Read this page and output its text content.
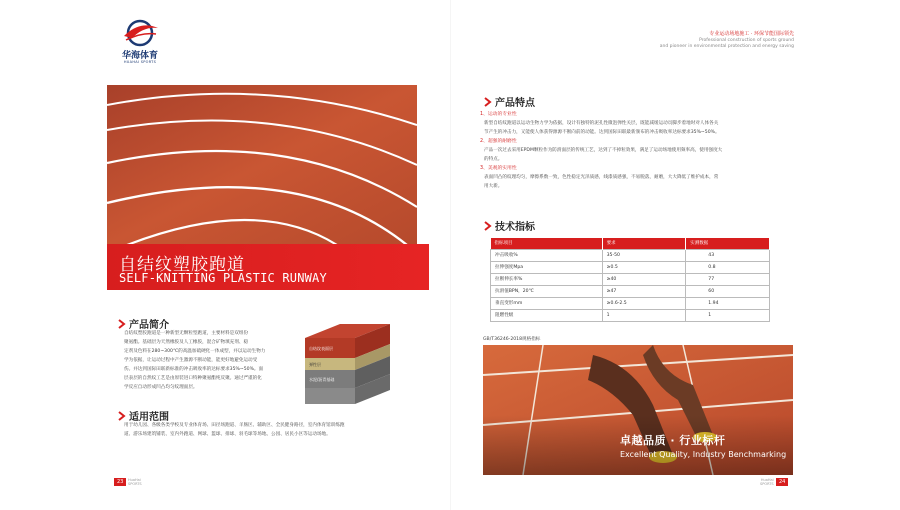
华海体育
HUAHAI SPORTS
专业运动场地施工 · 环保节能国际领先
Professional construction of sports ground
and pioneer in environmental protection and energy saving
自结纹塑胶跑道
SELF-KNITTING PLASTIC RUNWAY
产品简介
自结纹塑胶跑道是一种新型无颗粒型跑道，主要材料是双组份
聚氨酯。基础层为天然橡胶及人工橡胶，混合矿物填充剂、稳
定剂及色料在280~300℃的高温加硫硬化一体成型，并以运动生物力
学为依据，让运动过程中产生激源不断动能，能更好地避免运动受
伤。并达到国际田联新标准的冲击吸收率的达标要求35%~50%。面
层表层的自然纹工艺是由原装进口特种聚氨酯纯反聚。通过严谨的化
学反应自动形成凹凸均匀纹理面层。
自结纹表面层
弹性层
水泥/沥青基础
适用范围
用于幼儿园、各级各类学校及专业体育场、田径场跑道、羊肠区、辅助区、全民健身路径，室内体育馆训练跑
道、游乐场建筑铺装、室内外跑道、网球、篮球、排球、羽毛球等场地、公园、居民小区等运动场地。
23	HuaHai
SPORTS
产品特点
1、运动的专业性
新型自结纹跑道以运动生物力学为依据，设计有独特的泥孔性微泡弹性关层，既能减缓运动员脚步着地时对人体各关
节产生的冲击力，又能使人体获得源源不断向前的动能。达到国际田联最新颁布的冲击吸收率达标要求35%~50%。
2、超强的耐磨性
产品一次过去采用EPDM颗粒作为防滑面层的传统工艺，达到了不掉粒效果，满足了运动场地使用频率高，使用强度大
的特点。
3、美观的实用性
表面凹凸的纹理均匀，摩擦系数一致，色性稳定光泽质感，线漆质感强，不易脱落，耐磨，大大降低了维护成本，常
用大新。
技术指标
指标项目	要求	实测数据
冲击吸收%	35-50	43
拉伸强度Mpa	≥0.5	0.8
拉断伸长率%	≥40	77
抗滑值BPN，20℃	≥47	60
垂直变形mm	≥0.6-2.5	1.94
阻燃性级	1	1
GB/T36246-2018规格指标
卓越品质 · 行业标杆
Excellent Quality, Industry Benchmarking
HuaHai
SPORTS	24
